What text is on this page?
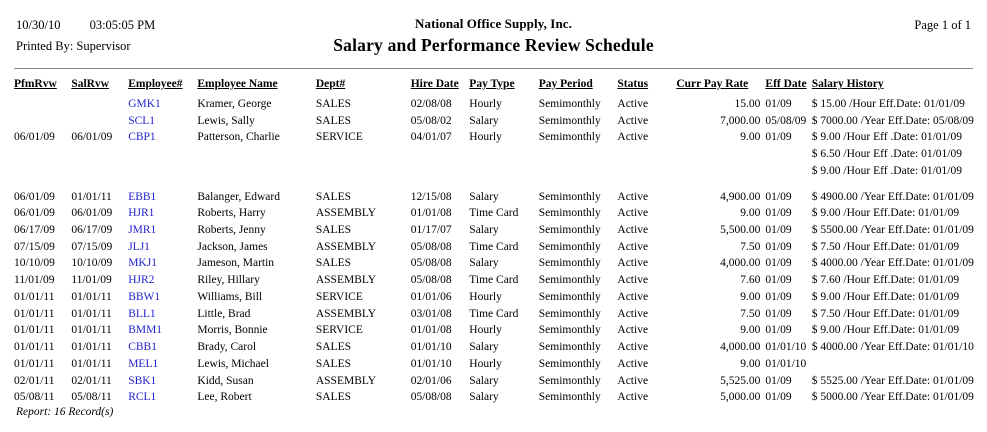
10/30/10 03:05:05 PM
Printed By: Supervisor
National Office Supply, Inc.
Salary and Performance Review Schedule
Page 1 of 1
PfmRvw	SalRvw	Employee#	Employee Name	Dept#	Hire Date	Pay Type	Pay Period	Status	Curr Pay Rate	Eff Date	Salary History
		GMK1	Kramer, George	SALES	02/08/08	Hourly	Semimonthly	Active	15.00	01/09	$ 15.00 /Hour Eff.Date: 01/01/09
		SCL1	Lewis, Sally	SALES	05/08/02	Salary	Semimonthly	Active	7,000.00	05/08/09	$ 7000.00 /Year Eff.Date: 05/08/09
06/01/09	06/01/09	CBP1	Patterson, Charlie	SERVICE	04/01/07	Hourly	Semimonthly	Active	9.00	01/09	$ 9.00 /Hour Eff .Date: 01/01/09
											$ 6.50 /Hour Eff .Date: 01/01/09
											$ 9.00 /Hour Eff .Date: 01/01/09

06/01/09	01/01/11	EBB1	Balanger, Edward	SALES	12/15/08	Salary	Semimonthly	Active	4,900.00	01/09	$ 4900.00 /Year Eff.Date: 01/01/09
06/01/09	06/01/09	HJR1	Roberts, Harry	ASSEMBLY	01/01/08	Time Card	Semimonthly	Active	9.00	01/09	$ 9.00 /Hour Eff.Date: 01/01/09
06/17/09	06/17/09	JMR1	Roberts, Jenny	SALES	01/17/07	Salary	Semimonthly	Active	5,500.00	01/09	$ 5500.00 /Year Eff.Date: 01/01/09
07/15/09	07/15/09	JLJ1	Jackson, James	ASSEMBLY	05/08/08	Time Card	Semimonthly	Active	7.50	01/09	$ 7.50 /Hour Eff.Date: 01/01/09
10/10/09	10/10/09	MKJ1	Jameson, Martin	SALES	05/08/08	Salary	Semimonthly	Active	4,000.00	01/09	$ 4000.00 /Year Eff.Date: 01/01/09
11/01/09	11/01/09	HJR2	Riley, Hillary	ASSEMBLY	05/08/08	Time Card	Semimonthly	Active	7.60	01/09	$ 7.60 /Hour Eff.Date: 01/01/09
01/01/11	01/01/11	BBW1	Williams, Bill	SERVICE	01/01/06	Hourly	Semimonthly	Active	9.00	01/09	$ 9.00 /Hour Eff.Date: 01/01/09
01/01/11	01/01/11	BLL1	Little, Brad	ASSEMBLY	03/01/08	Time Card	Semimonthly	Active	7.50	01/09	$ 7.50 /Hour Eff.Date: 01/01/09
01/01/11	01/01/11	BMM1	Morris, Bonnie	SERVICE	01/01/08	Hourly	Semimonthly	Active	9.00	01/09	$ 9.00 /Hour Eff.Date: 01/01/09
01/01/11	01/01/11	CBB1	Brady, Carol	SALES	01/01/10	Salary	Semimonthly	Active	4,000.00	01/01/10	$ 4000.00 /Year Eff.Date: 01/01/10
01/01/11	01/01/11	MEL1	Lewis, Michael	SALES	01/01/10	Hourly	Semimonthly	Active	9.00	01/01/10	
02/01/11	02/01/11	SBK1	Kidd, Susan	ASSEMBLY	02/01/06	Salary	Semimonthly	Active	5,525.00	01/09	$ 5525.00 /Year Eff.Date: 01/01/09
05/08/11	05/08/11	RCL1	Lee, Robert	SALES	05/08/08	Salary	Semimonthly	Active	5,000.00	01/09	$ 5000.00 /Year Eff.Date: 01/01/09
Report: 16 Record(s)
